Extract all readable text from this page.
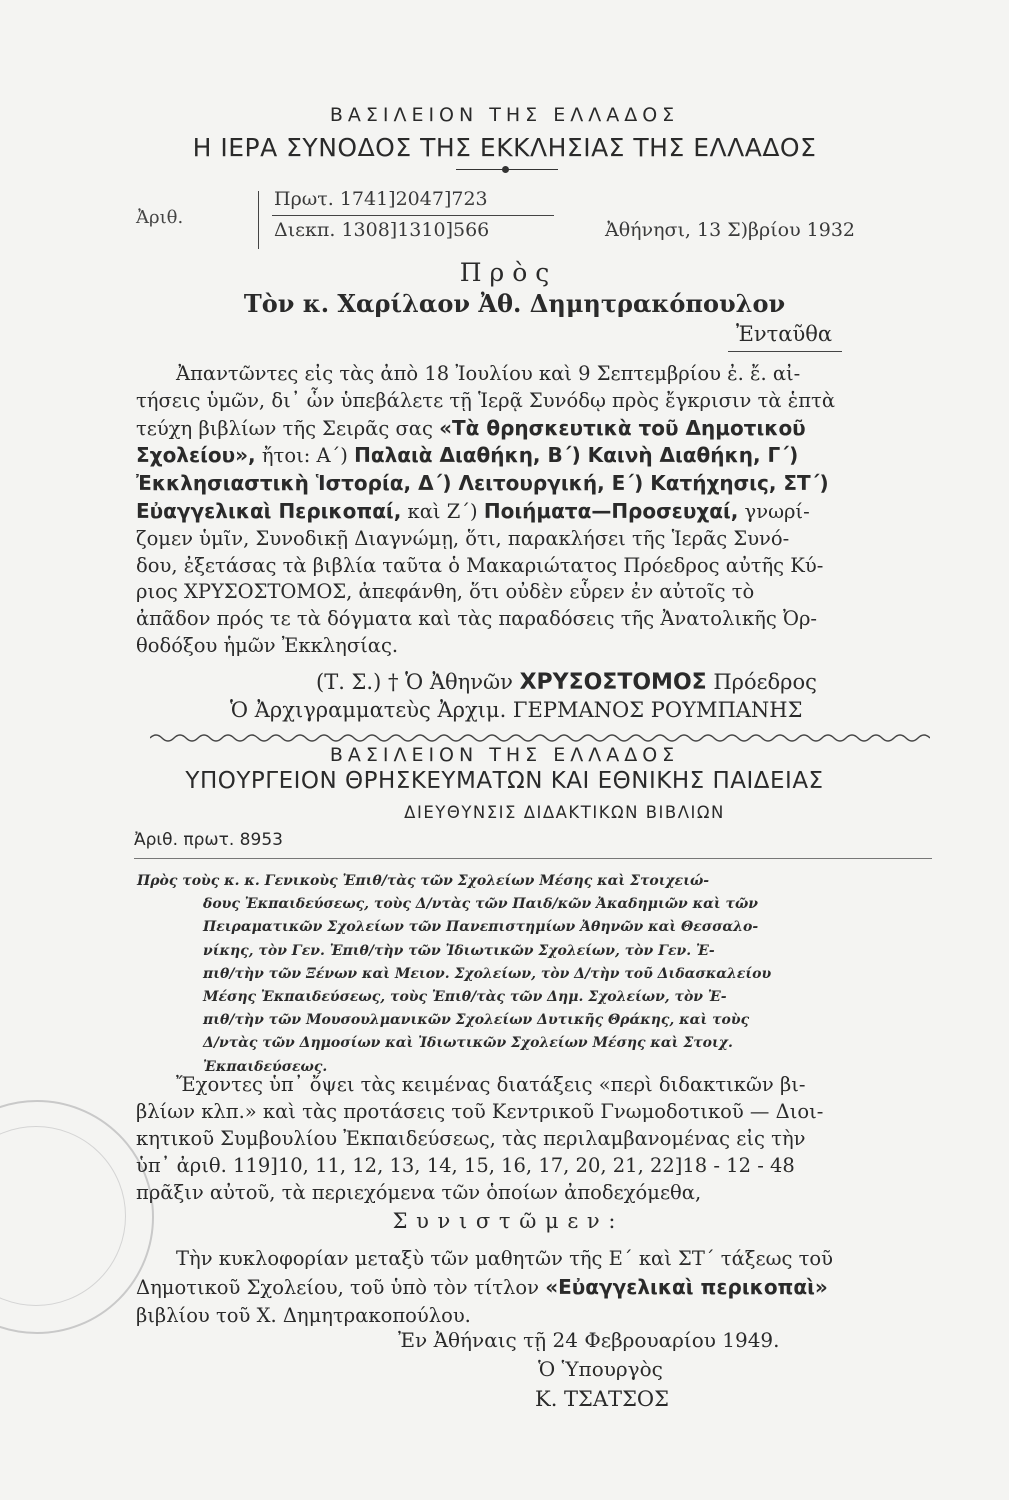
ΒΑΣΙΛΕΙΟΝ ΤΗΣ ΕΛΛΑΔΟΣ
Η ΙΕΡΑ ΣΥΝΟΔΟΣ ΤΗΣ ΕΚΚΛΗΣΙΑΣ ΤΗΣ ΕΛΛΑΔΟΣ
Ἀριθ.
Πρωτ. 1741]2047]723
Διεκπ. 1308]1310]566	Ἀθήνησι, 13 Σ)βρίου 1932
Π ρ ὸ ς
Τὸν κ. Χαρίλαον Ἀθ. Δημητρακόπουλον
Ἐνταῦθα
Ἀπαντῶντες εἰς τὰς ἀπὸ 18 Ἰουλίου καὶ 9 Σεπτεμβρίου ἐ. ἔ. αἰ-
τήσεις ὑμῶν, δι᾿ ὧν ὑπεβάλετε τῇ Ἱερᾷ Συνόδῳ πρὸς ἔγκρισιν τὰ ἑπτὰ
τεύχη βιβλίων τῆς Σειρᾶς σας «Τὰ θρησκευτικὰ τοῦ Δημοτικοῦ
Σχολείου», ἤτοι: Α΄) Παλαιὰ Διαθήκη, Β΄) Καινὴ Διαθήκη, Γ΄)
Ἐκκλησιαστικὴ Ἱστορία, Δ΄) Λειτουργική, Ε΄) Κατήχησις, ΣΤ΄)
Εὐαγγελικαὶ Περικοπαί, καὶ Ζ΄) Ποιήματα—Προσευχαί, γνωρί-
ζομεν ὑμῖν, Συνοδικῇ Διαγνώμῃ, ὅτι, παρακλήσει τῆς Ἱερᾶς Συνό-
δου, ἐξετάσας τὰ βιβλία ταῦτα ὁ Μακαριώτατος Πρόεδρος αὐτῆς Κύ-
ριος ΧΡΥΣΟΣΤΟΜΟΣ, ἀπεφάνθη, ὅτι οὐδὲν εὗρεν ἐν αὐτοῖς τὸ
ἀπᾶδον πρός τε τὰ δόγματα καὶ τὰς παραδόσεις τῆς Ἀνατολικῆς Ὀρ-
θοδόξου ἡμῶν Ἐκκλησίας.
(Τ. Σ.) † Ὁ Ἀθηνῶν ΧΡΥΣΟΣΤΟΜΟΣ Πρόεδρος
Ὁ Ἀρχιγραμματεὺς Ἀρχιμ. ΓΕΡΜΑΝΟΣ ΡΟΥΜΠΑΝΗΣ
ΒΑΣΙΛΕΙΟΝ ΤΗΣ ΕΛΛΑΔΟΣ
ΥΠΟΥΡΓΕΙΟΝ ΘΡΗΣΚΕΥΜΑΤΩΝ ΚΑΙ ΕΘΝΙΚΗΣ ΠΑΙΔΕΙΑΣ
ΔΙΕΥΘΥΝΣΙΣ ΔΙΔΑΚΤΙΚΩΝ ΒΙΒΛΙΩΝ
Ἀριθ. πρωτ. 8953
Πρὸς τοὺς κ. κ. Γενικοὺς Ἐπιθ/τὰς τῶν Σχολείων Μέσης καὶ Στοιχειώ-
δους Ἐκπαιδεύσεως, τοὺς Δ/ντὰς τῶν Παιδ/κῶν Ἀκαδημιῶν καὶ τῶν
Πειραματικῶν Σχολείων τῶν Πανεπιστημίων Ἀθηνῶν καὶ Θεσσαλο-
νίκης, τὸν Γεν. Ἐπιθ/τὴν τῶν Ἰδιωτικῶν Σχολείων, τὸν Γεν. Ἐ-
πιθ/τὴν τῶν Ξένων καὶ Μειον. Σχολείων, τὸν Δ/τὴν τοῦ Διδασκαλείου
Μέσης Ἐκπαιδεύσεως, τοὺς Ἐπιθ/τὰς τῶν Δημ. Σχολείων, τὸν Ἐ-
πιθ/τὴν τῶν Μουσουλμανικῶν Σχολείων Δυτικῆς Θράκης, καὶ τοὺς
Δ/ντὰς τῶν Δημοσίων καὶ Ἰδιωτικῶν Σχολείων Μέσης καὶ Στοιχ.
Ἐκπαιδεύσεως.
Ἔχοντες ὑπ᾿ ὄψει τὰς κειμένας διατάξεις «περὶ διδακτικῶν βι-
βλίων κλπ.» καὶ τὰς προτάσεις τοῦ Κεντρικοῦ Γνωμοδοτικοῦ — Διοι-
κητικοῦ Συμβουλίου Ἐκπαιδεύσεως, τὰς περιλαμβανομένας εἰς τὴν
ὑπ᾿ ἀριθ. 119]10, 11, 12, 13, 14, 15, 16, 17, 20, 21, 22]18 - 12 - 48
πρᾶξιν αὐτοῦ, τὰ περιεχόμενα τῶν ὁποίων ἀποδεχόμεθα,
Σ υ ν ι σ τ ῶ μ ε ν :
Τὴν κυκλοφορίαν μεταξὺ τῶν μαθητῶν τῆς Ε΄ καὶ ΣΤ΄ τάξεως τοῦ
Δημοτικοῦ Σχολείου, τοῦ ὑπὸ τὸν τίτλον «Εὐαγγελικαὶ περικοπαὶ»
βιβλίου τοῦ Χ. Δημητρακοπούλου.
Ἐν Ἀθήναις τῇ 24 Φεβρουαρίου 1949.
Ὁ Ὑπουργὸς
Κ. ΤΣΑΤΣΟΣ
